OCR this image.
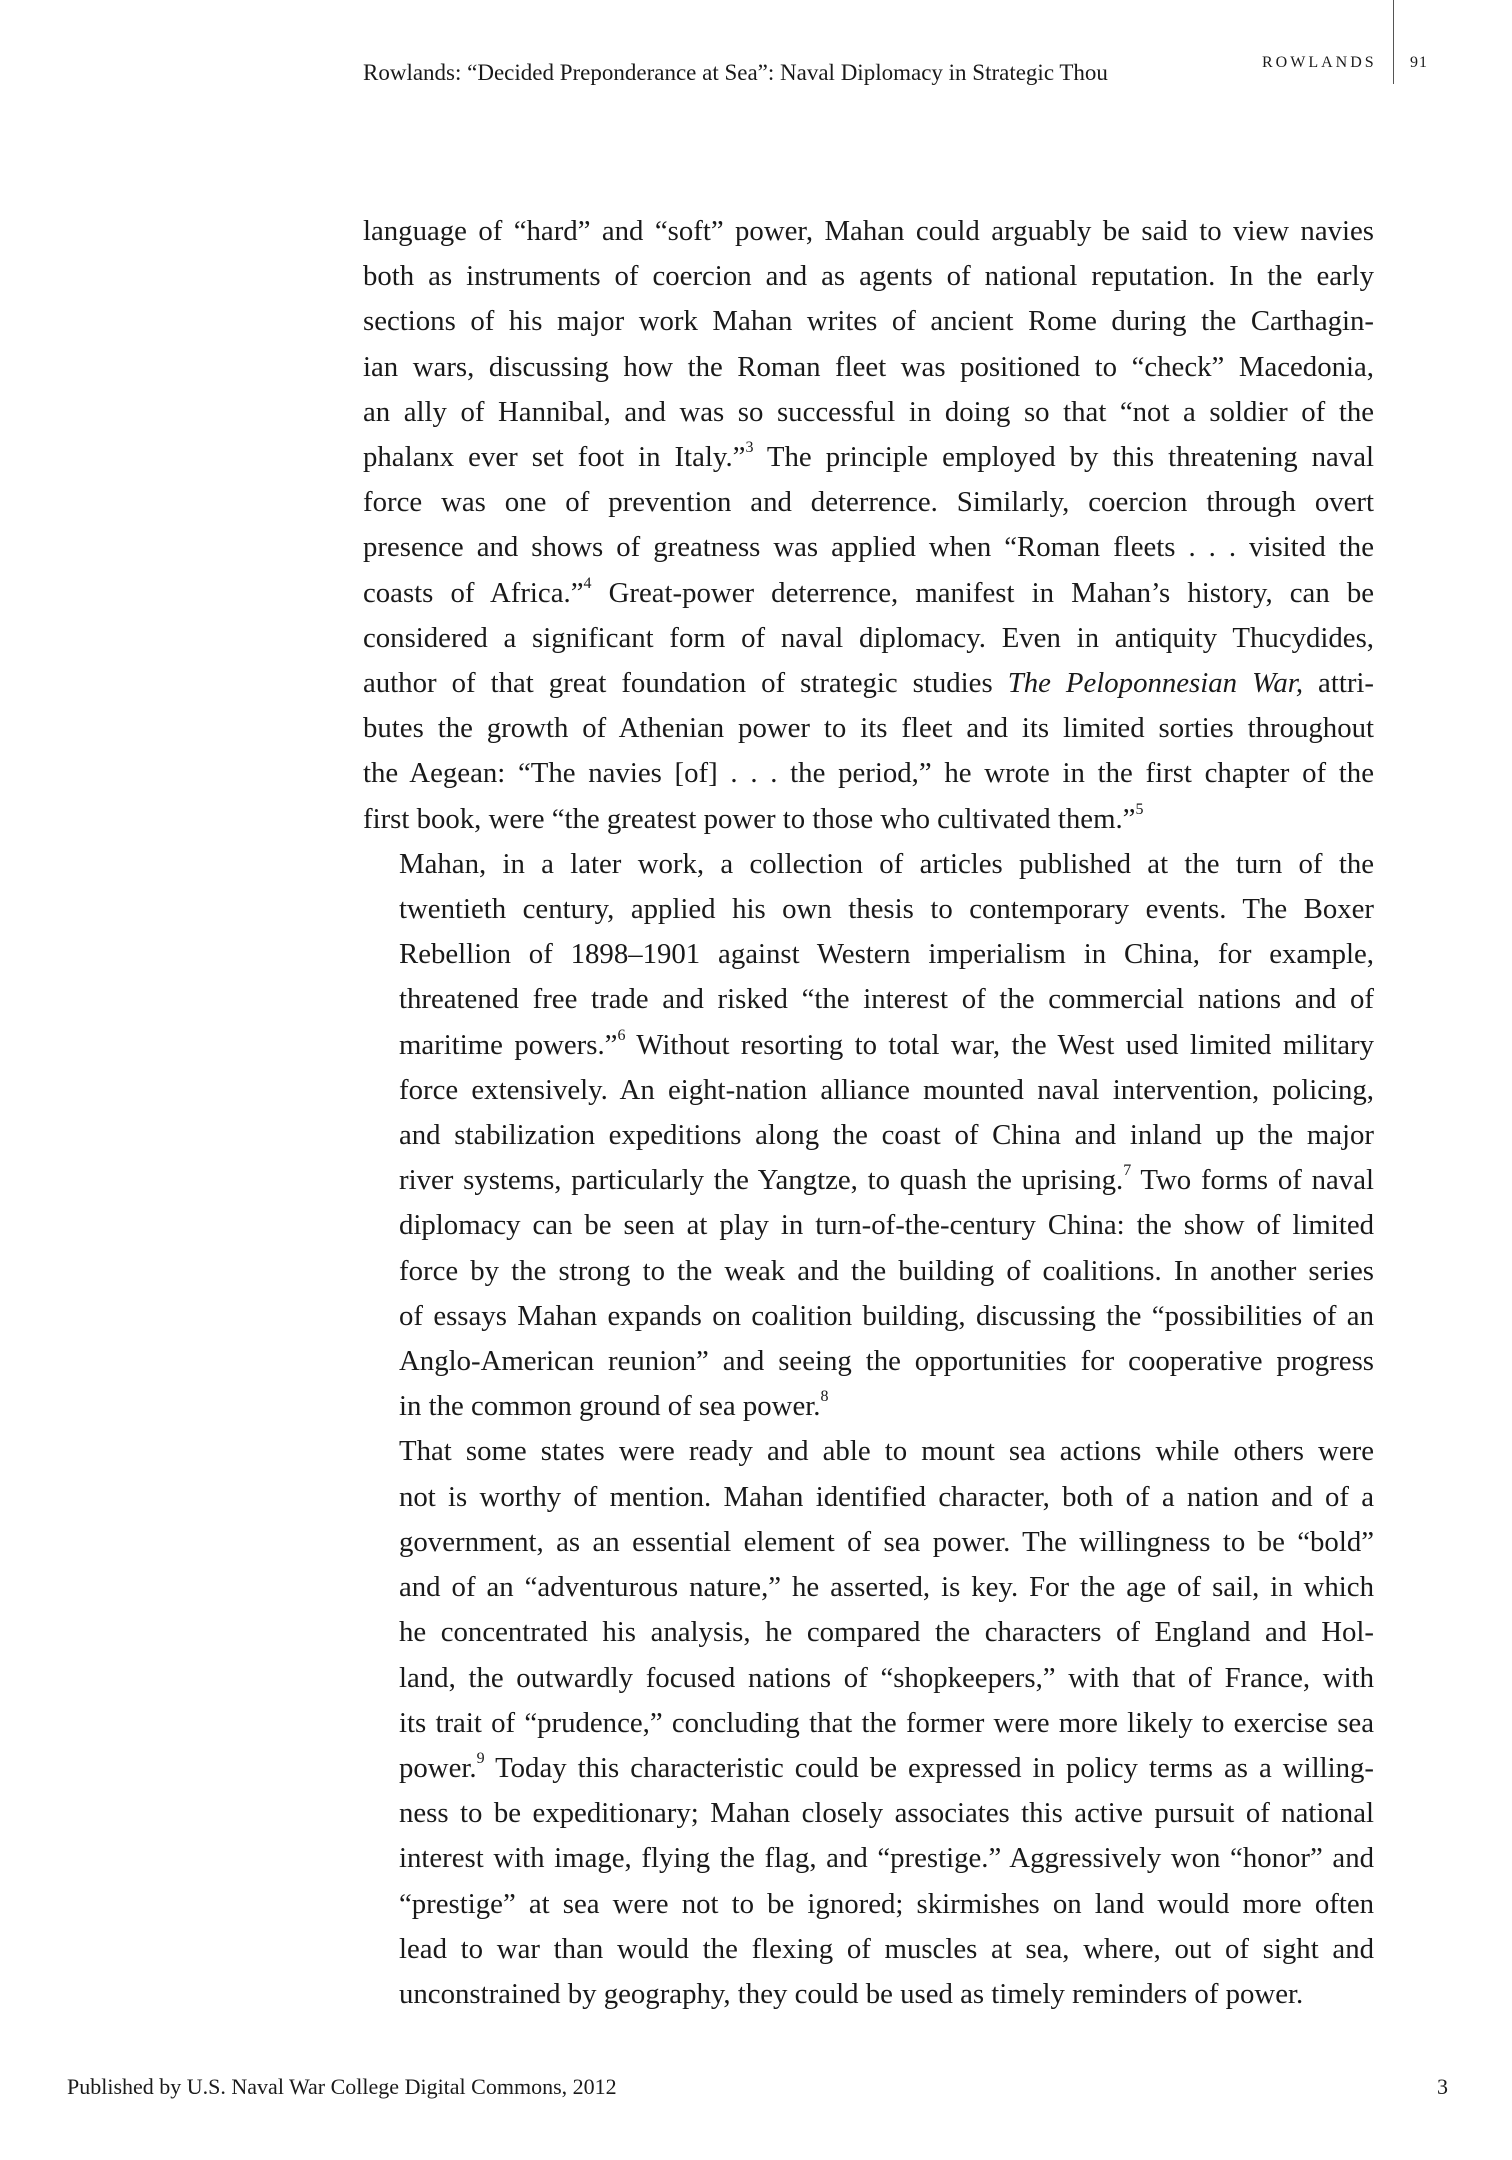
Rowlands: “Decided Preponderance at Sea”: Naval Diplomacy in Strategic Thou	ROWLANDS 91

language of “hard” and “soft” power, Mahan could arguably be said to view navies
both as instruments of coercion and as agents of national reputation. In the early
sections of his major work Mahan writes of ancient Rome during the Carthagin-
ian wars, discussing how the Roman fleet was positioned to “check” Macedonia,
an ally of Hannibal, and was so successful in doing so that “not a soldier of the
phalanx ever set foot in Italy.”$^3$ The principle employed by this threatening naval
force was one of prevention and deterrence. Similarly, coercion through overt
presence and shows of greatness was applied when “Roman fleets . . . visited the
coasts of Africa.”$^4$ Great-power deterrence, manifest in Mahan’s history, can be
considered a significant form of naval diplomacy. Even in antiquity Thucydides,
author of that great foundation of strategic studies The Peloponnesian War, attri-
butes the growth of Athenian power to its fleet and its limited sorties throughout
the Aegean: “The navies [of] . . . the period,” he wrote in the first chapter of the
first book, were “the greatest power to those who cultivated them.”$^5$

Mahan, in a later work, a collection of articles published at the turn of the
twentieth century, applied his own thesis to contemporary events. The Boxer
Rebellion of 1898–1901 against Western imperialism in China, for example,
threatened free trade and risked “the interest of the commercial nations and of
maritime powers.”$^6$ Without resorting to total war, the West used limited military
force extensively. An eight-nation alliance mounted naval intervention, policing,
and stabilization expeditions along the coast of China and inland up the major
river systems, particularly the Yangtze, to quash the uprising.$^7$ Two forms of naval
diplomacy can be seen at play in turn-of-the-century China: the show of limited
force by the strong to the weak and the building of coalitions. In another series
of essays Mahan expands on coalition building, discussing the “possibilities of an
Anglo-American reunion” and seeing the opportunities for cooperative progress
in the common ground of sea power.$^8$

That some states were ready and able to mount sea actions while others were
not is worthy of mention. Mahan identified character, both of a nation and of a
government, as an essential element of sea power. The willingness to be “bold”
and of an “adventurous nature,” he asserted, is key. For the age of sail, in which
he concentrated his analysis, he compared the characters of England and Hol-
land, the outwardly focused nations of “shopkeepers,” with that of France, with
its trait of “prudence,” concluding that the former were more likely to exercise sea
power.$^9$ Today this characteristic could be expressed in policy terms as a willing-
ness to be expeditionary; Mahan closely associates this active pursuit of national
interest with image, flying the flag, and “prestige.” Aggressively won “honor” and
“prestige” at sea were not to be ignored; skirmishes on land would more often
lead to war than would the flexing of muscles at sea, where, out of sight and
unconstrained by geography, they could be used as timely reminders of power.

Published by U.S. Naval War College Digital Commons, 2012	3
